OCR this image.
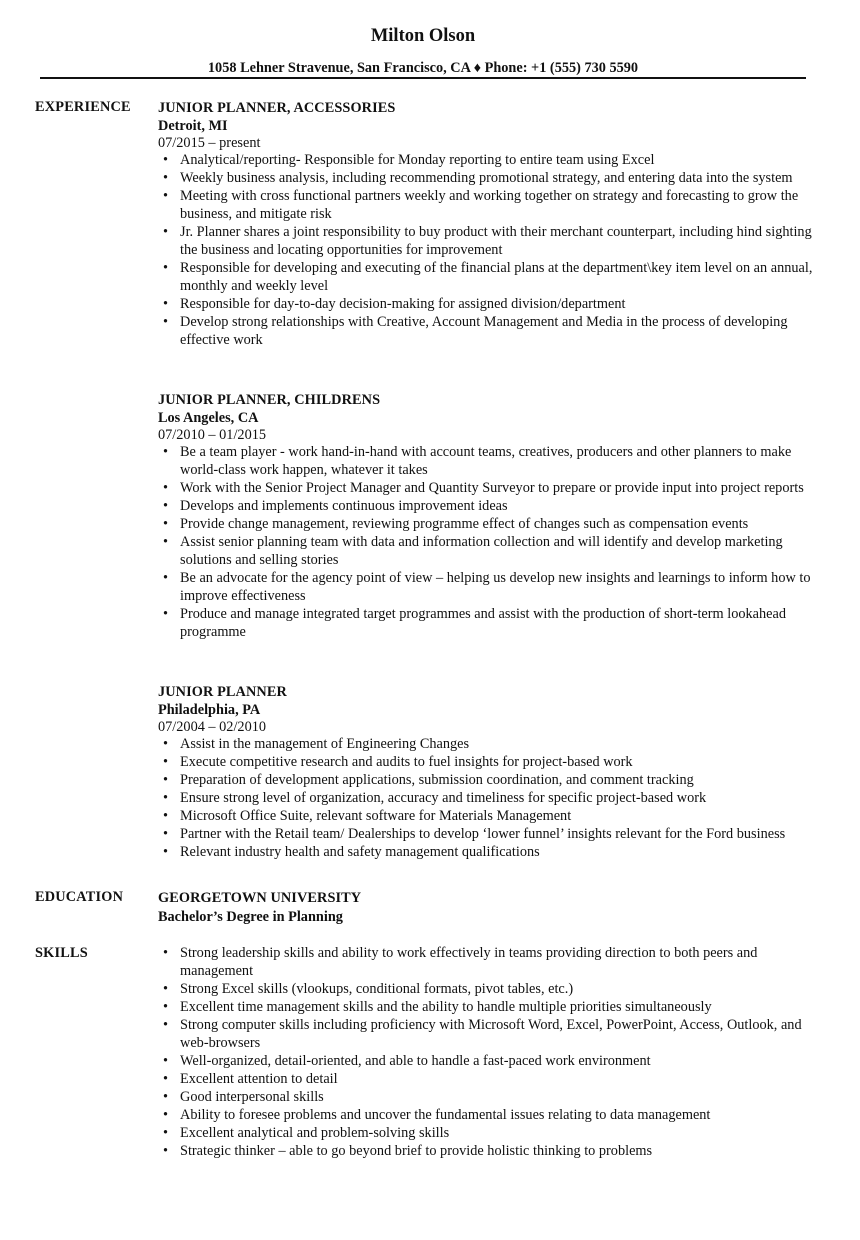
Milton Olson
1058 Lehner Stravenue, San Francisco, CA ♦ Phone: +1 (555) 730 5590
EXPERIENCE JUNIOR PLANNER, ACCESSORIES
Detroit, MI
07/2015 – present
• Analytical/reporting- Responsible for Monday reporting to entire team using Excel
• Weekly business analysis, including recommending promotional strategy, and entering data into the system
• Meeting with cross functional partners weekly and working together on strategy and forecasting to grow the business, and mitigate risk
• Jr. Planner shares a joint responsibility to buy product with their merchant counterpart, including hind sighting the business and locating opportunities for improvement
• Responsible for developing and executing of the financial plans at the department\key item level on an annual, monthly and weekly level
• Responsible for day-to-day decision-making for assigned division/department
• Develop strong relationships with Creative, Account Management and Media in the process of developing effective work
JUNIOR PLANNER, CHILDRENS
Los Angeles, CA
07/2010 – 01/2015
• Be a team player - work hand-in-hand with account teams, creatives, producers and other planners to make world-class work happen, whatever it takes
• Work with the Senior Project Manager and Quantity Surveyor to prepare or provide input into project reports
• Develops and implements continuous improvement ideas
• Provide change management, reviewing programme effect of changes such as compensation events
• Assist senior planning team with data and information collection and will identify and develop marketing solutions and selling stories
• Be an advocate for the agency point of view – helping us develop new insights and learnings to inform how to improve effectiveness
• Produce and manage integrated target programmes and assist with the production of short-term lookahead programme
JUNIOR PLANNER
Philadelphia, PA
07/2004 – 02/2010
• Assist in the management of Engineering Changes
• Execute competitive research and audits to fuel insights for project-based work
• Preparation of development applications, submission coordination, and comment tracking
• Ensure strong level of organization, accuracy and timeliness for specific project-based work
• Microsoft Office Suite, relevant software for Materials Management
• Partner with the Retail team/ Dealerships to develop ‘lower funnel’ insights relevant for the Ford business
• Relevant industry health and safety management qualifications
EDUCATION GEORGETOWN UNIVERSITY
Bachelor’s Degree in Planning
SKILLS
•	Strong leadership skills and ability to work effectively in teams providing direction to both peers and management
• Strong Excel skills (vlookups, conditional formats, pivot tables, etc.)
• Excellent time management skills and the ability to handle multiple priorities simultaneously
• Strong computer skills including proficiency with Microsoft Word, Excel, PowerPoint, Access, Outlook, and web-browsers
• Well-organized, detail-oriented, and able to handle a fast-paced work environment
• Excellent attention to detail
• Good interpersonal skills
• Ability to foresee problems and uncover the fundamental issues relating to data management
• Excellent analytical and problem-solving skills
• Strategic thinker – able to go beyond brief to provide holistic thinking to problems
